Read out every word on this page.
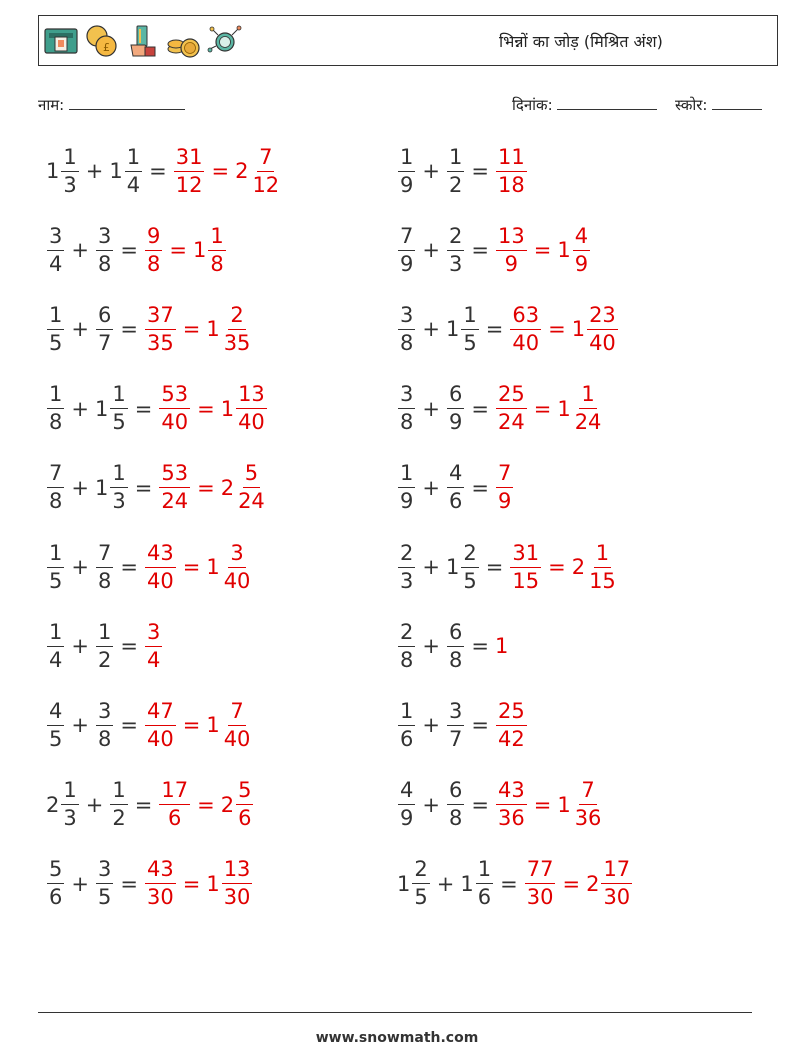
£	भिन्नों का जोड़ (मिश्रित अंश)
नाम:	दिनांक:	स्कोर:
$1 \frac{1}{3} + 1 \frac{1}{4} = \frac{31}{12} = 2 \frac{7}{12}$	$\frac{1}{9} + \frac{1}{2} = \frac{11}{18}$
$\frac{3}{4} + \frac{3}{8} = \frac{9}{8} = 1 \frac{1}{8}$	$\frac{7}{9} + \frac{2}{3} = \frac{13}{9} = 1 \frac{4}{9}$
$\frac{1}{5} + \frac{6}{7} = \frac{37}{35} = 1 \frac{2}{35}$	$\frac{3}{8} + 1 \frac{1}{5} = \frac{63}{40} = 1 \frac{23}{40}$
$\frac{1}{8} + 1 \frac{1}{5} = \frac{53}{40} = 1 \frac{13}{40}$	$\frac{3}{8} + \frac{6}{9} = \frac{25}{24} = 1 \frac{1}{24}$
$\frac{7}{8} + 1 \frac{1}{3} = \frac{53}{24} = 2 \frac{5}{24}$	$\frac{1}{9} + \frac{4}{6} = \frac{7}{9}$
$\frac{1}{5} + \frac{7}{8} = \frac{43}{40} = 1 \frac{3}{40}$	$\frac{2}{3} + 1 \frac{2}{5} = \frac{31}{15} = 2 \frac{1}{15}$
$\frac{1}{4} + \frac{1}{2} = \frac{3}{4}$	$\frac{2}{8} + \frac{6}{8} = 1$
$\frac{4}{5} + \frac{3}{8} = \frac{47}{40} = 1 \frac{7}{40}$	$\frac{1}{6} + \frac{3}{7} = \frac{25}{42}$
$2 \frac{1}{3} + \frac{1}{2} = \frac{17}{6} = 2 \frac{5}{6}$	$\frac{4}{9} + \frac{6}{8} = \frac{43}{36} = 1 \frac{7}{36}$
$\frac{5}{6} + \frac{3}{5} = \frac{43}{30} = 1 \frac{13}{30}$	$1 \frac{2}{5} + 1 \frac{1}{6} = \frac{77}{30} = 2 \frac{17}{30}$
www.snowmath.com
